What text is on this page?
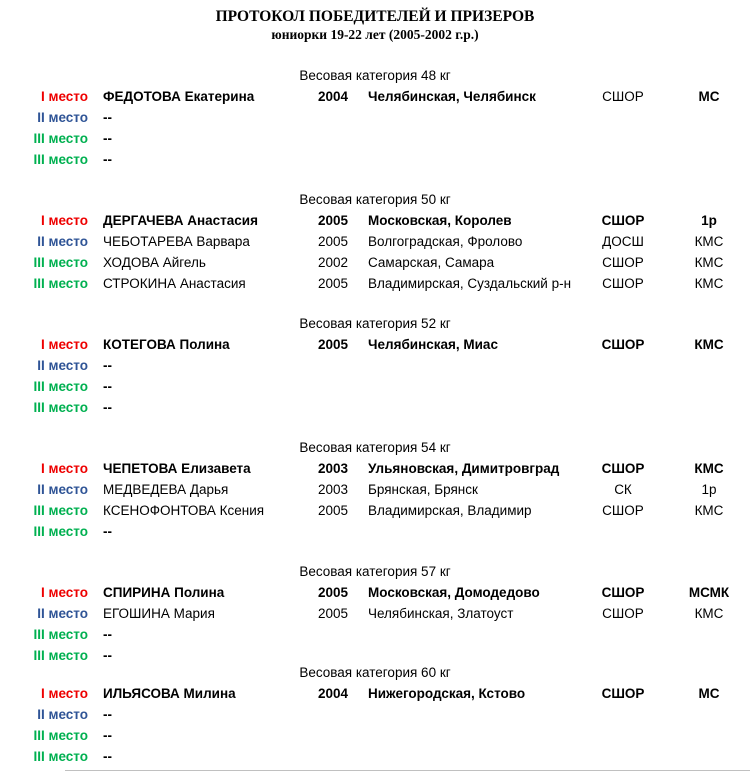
ПРОТОКОЛ ПОБЕДИТЕЛЕЙ И ПРИЗЕРОВ
юниорки 19-22 лет (2005-2002 г.р.)
Весовая категория 48 кг
I место	ФЕДОТОВА Екатерина	2004	Челябинская, Челябинск	СШОР	МС
II место	--
III место	--
III место	--
Весовая категория 50 кг
I место	ДЕРГАЧЕВА Анастасия	2005	Московская, Королев	СШОР	1р
II место	ЧЕБОТАРЕВА Варвара	2005	Волгоградская, Фролово	ДОСШ	КМС
III место	ХОДОВА Айгель	2002	Самарская, Самара	СШОР	КМС
III место	СТРОКИНА Анастасия	2005	Владимирская, Суздальский р-н	СШОР	КМС
Весовая категория 52 кг
I место	КОТЕГОВА Полина	2005	Челябинская, Миас	СШОР	КМС
II место	--
III место	--
III место	--
Весовая категория 54 кг
I место	ЧЕПЕТОВА Елизавета	2003	Ульяновская, Димитровград	СШОР	КМС
II место	МЕДВЕДЕВА Дарья	2003	Брянская, Брянск	СК	1р
III место	КСЕНОФОНТОВА Ксения	2005	Владимирская, Владимир	СШОР	КМС
III место	--
Весовая категория 57 кг
I место	СПИРИНА Полина	2005	Московская, Домодедово	СШОР	МСМК
II место	ЕГОШИНА Мария	2005	Челябинская, Златоуст	СШОР	КМС
III место	--
III место	--
Весовая категория 60 кг
I место	ИЛЬЯСОВА Милина	2004	Нижегородская, Кстово	СШОР	МС
II место	--
III место	--
III место	--
